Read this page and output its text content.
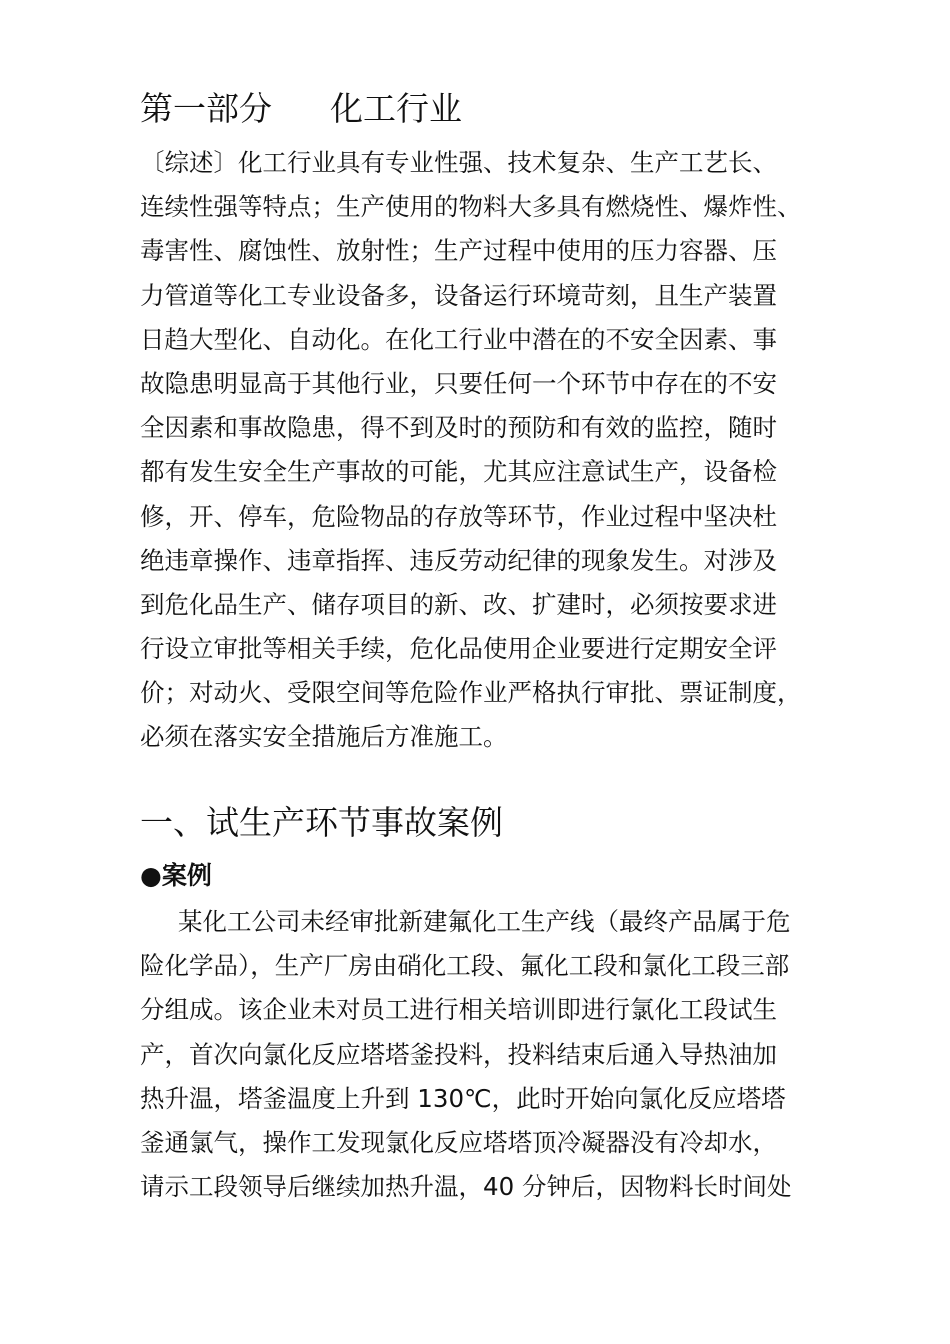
第一部分 化工行业
〔综述〕化工行业具有专业性强、技术复杂、生产工艺长、
连续性强等特点；生产使用的物料大多具有燃烧性、爆炸性、
毒害性、腐蚀性、放射性；生产过程中使用的压力容器、压
力管道等化工专业设备多，设备运行环境苛刻，且生产装置
日趋大型化、自动化。在化工行业中潜在的不安全因素、事
故隐患明显高于其他行业，只要任何一个环节中存在的不安
全因素和事故隐患，得不到及时的预防和有效的监控，随时
都有发生安全生产事故的可能，尤其应注意试生产，设备检
修，开、停车，危险物品的存放等环节，作业过程中坚决杜
绝违章操作、违章指挥、违反劳动纪律的现象发生。对涉及
到危化品生产、储存项目的新、改、扩建时，必须按要求进
行设立审批等相关手续，危化品使用企业要进行定期安全评
价；对动火、受限空间等危险作业严格执行审批、票证制度，
必须在落实安全措施后方准施工。
一、试生产环节事故案例
●案例
某化工公司未经审批新建氟化工生产线（最终产品属于危
险化学品），生产厂房由硝化工段、氟化工段和氯化工段三部
分组成。该企业未对员工进行相关培训即进行氯化工段试生
产，首次向氯化反应塔塔釜投料，投料结束后通入导热油加
热升温，塔釜温度上升到 130℃，此时开始向氯化反应塔塔
釜通氯气，操作工发现氯化反应塔塔顶冷凝器没有冷却水，
请示工段领导后继续加热升温，40 分钟后，因物料长时间处
